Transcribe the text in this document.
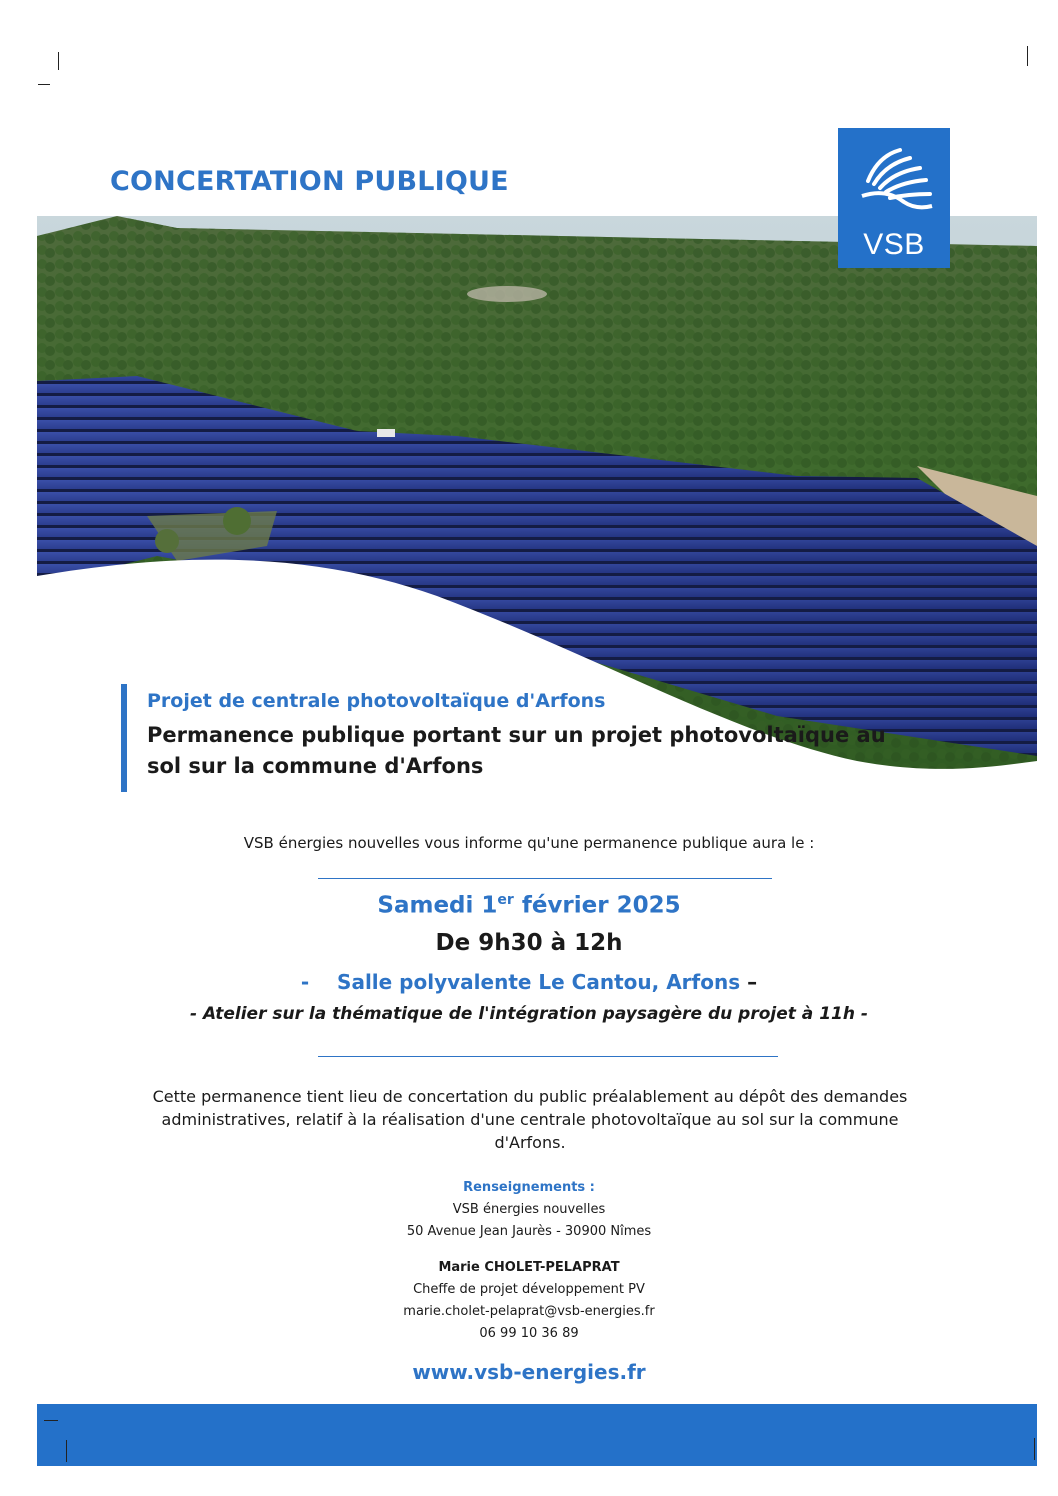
CONCERTATION PUBLIQUE
VSB
Projet de centrale photovoltaïque d'Arfons
Permanence publique portant sur un projet photovoltaïque au sol sur la commune d'Arfons
VSB énergies nouvelles vous informe qu'une permanence publique aura le :
Samedi 1er février 2025
De 9h30 à 12h
-    Salle polyvalente Le Cantou, Arfons –
- Atelier sur la thématique de l'intégration paysagère du projet à 11h -
Cette permanence tient lieu de concertation du public préalablement au dépôt des demandes administratives, relatif à la réalisation d'une centrale photovoltaïque au sol sur la commune d'Arfons.
Renseignements :
VSB énergies nouvelles
50 Avenue Jean Jaurès - 30900 Nîmes
Marie CHOLET-PELAPRAT
Cheffe de projet développement PV
marie.cholet-pelaprat@vsb-energies.fr
06 99 10 36 89
www.vsb-energies.fr
